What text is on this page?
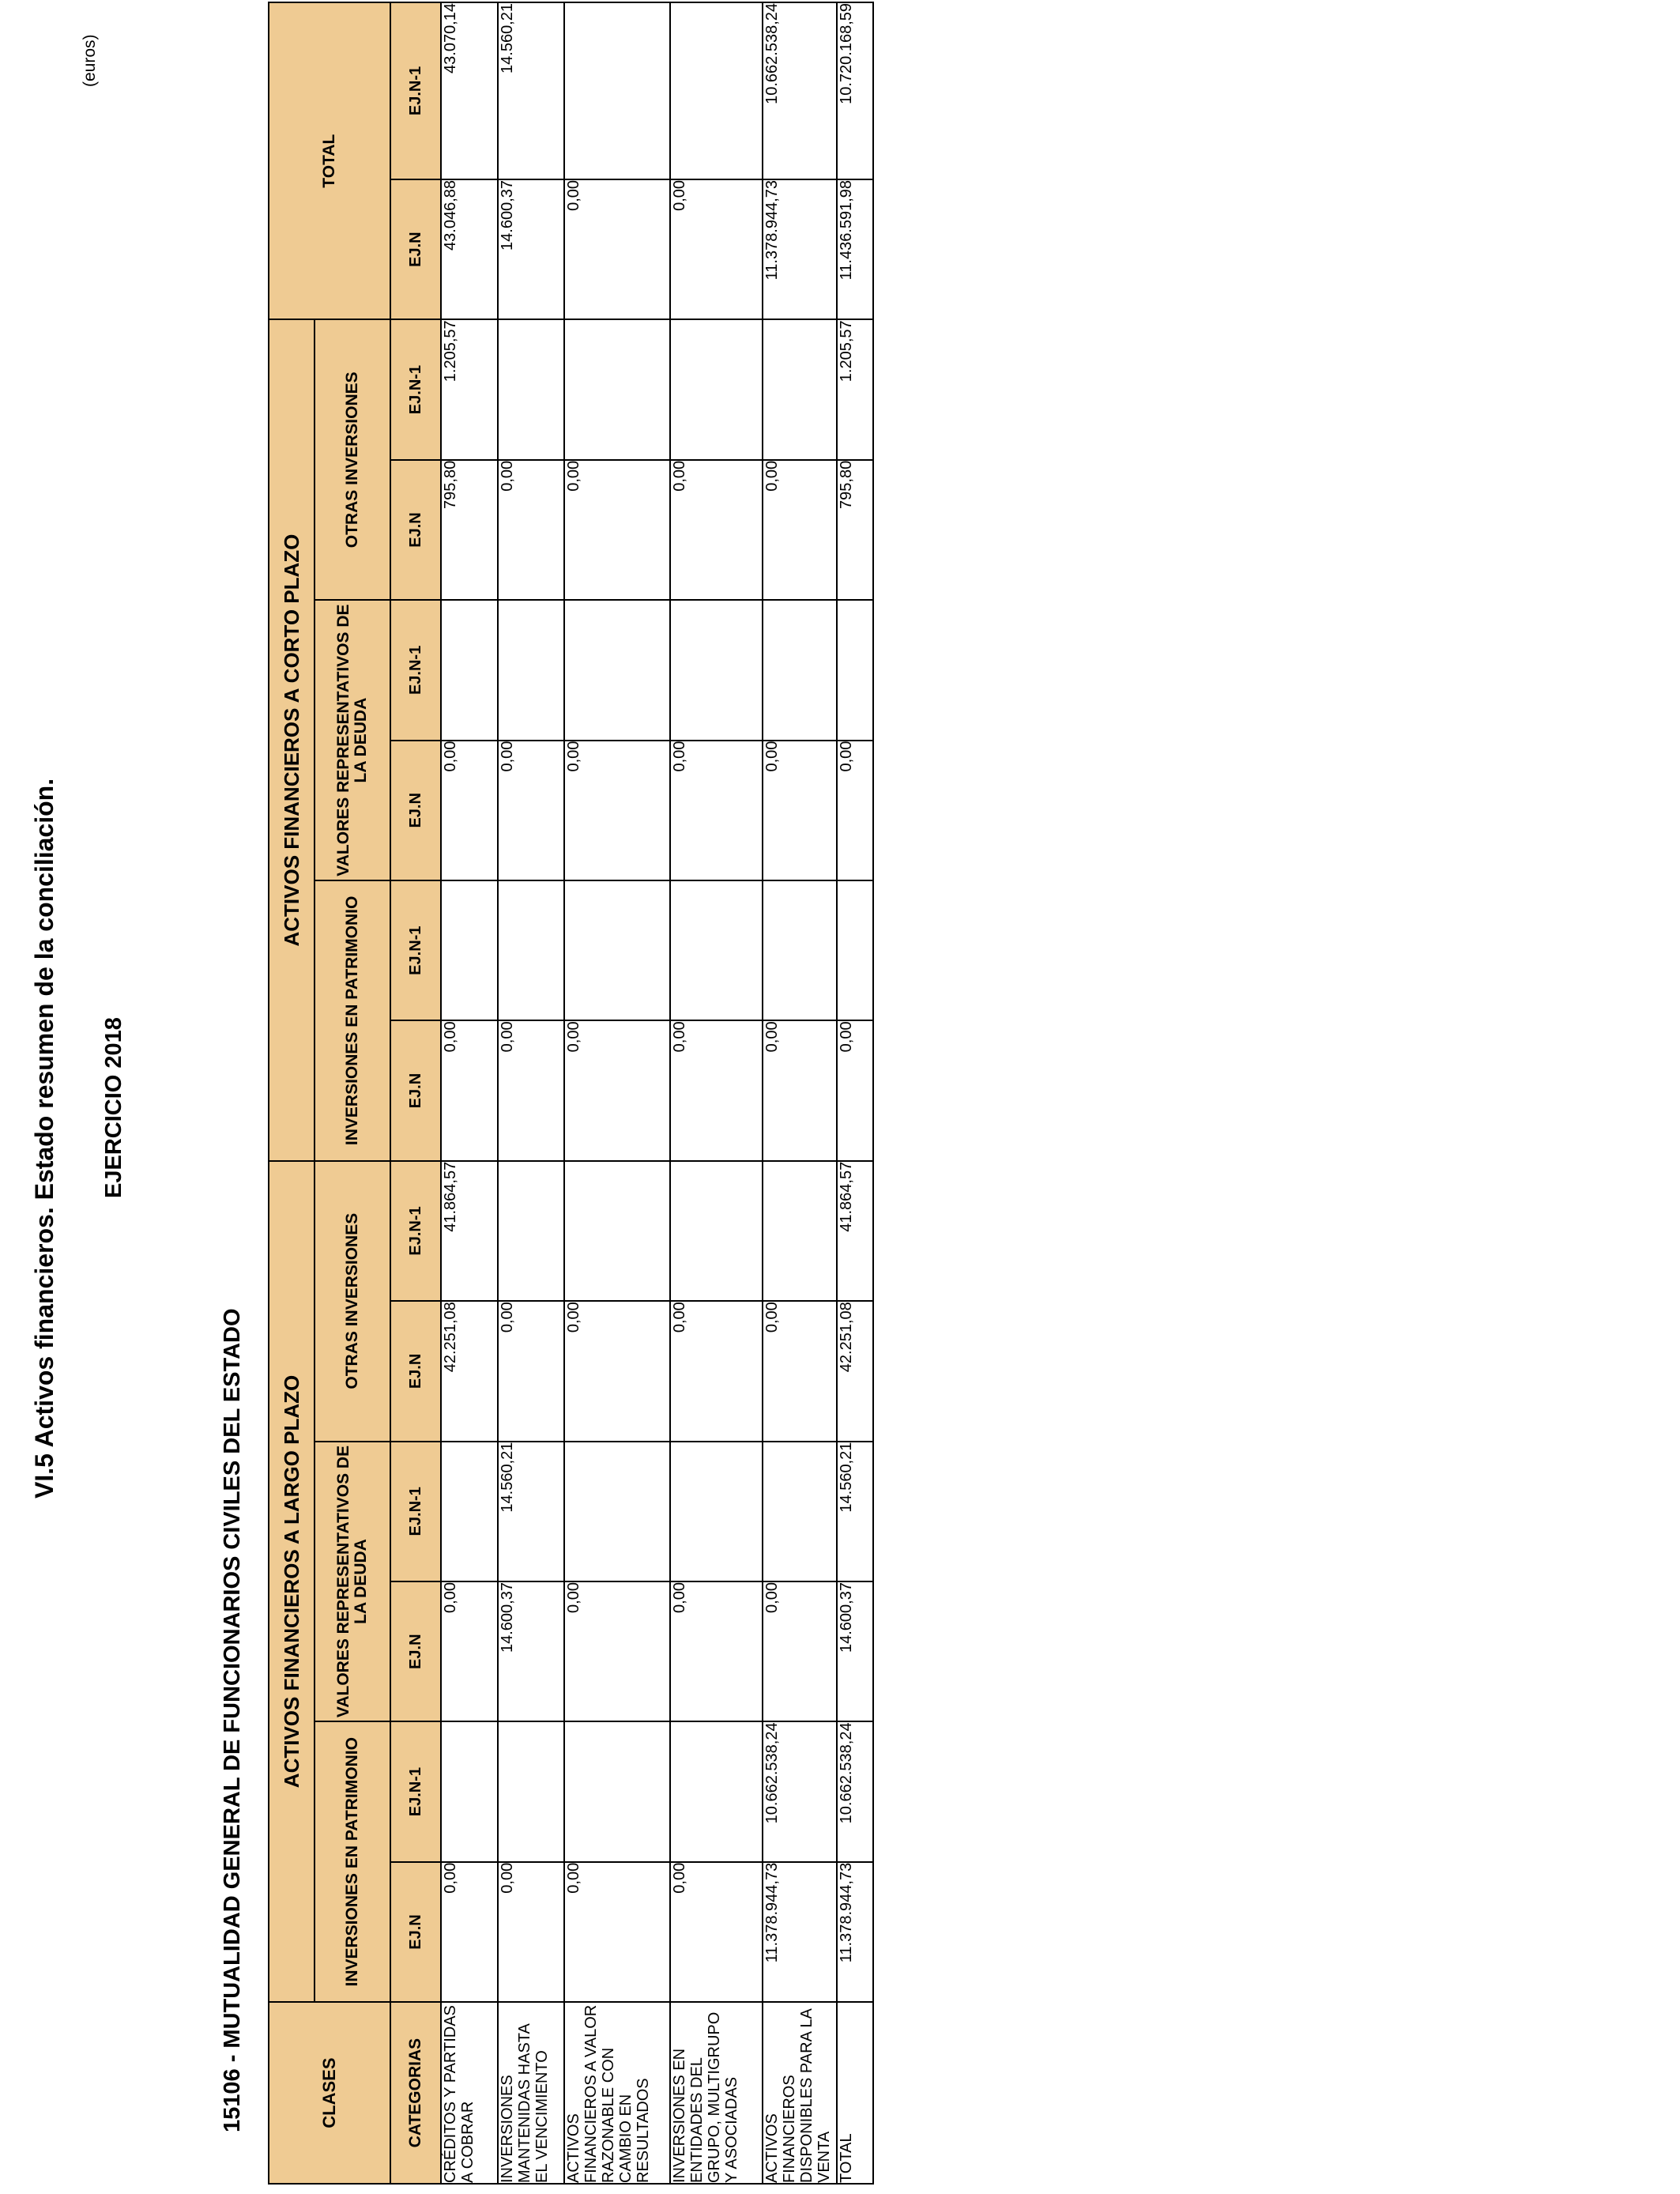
VI.5 Activos financieros. Estado resumen de la conciliación. EJERCICIO 2018
15106 - MUTUALIDAD GENERAL DE FUNCIONARIOS CIVILES DEL ESTADO
(euros)
CLASES	ACTIVOS FINANCIEROS A LARGO PLAZO						ACTIVOS FINANCIEROS A CORTO PLAZO						TOTAL	
	INVERSIONES EN PATRIMONIO		VALORES REPRESENTATIVOS DE LA DEUDA		OTRAS INVERSIONES		INVERSIONES EN PATRIMONIO		VALORES REPRESENTATIVOS DE LA DEUDA		OTRAS INVERSIONES			
CATEGORIAS	EJ.N	EJ.N-1	EJ.N	EJ.N-1	EJ.N	EJ.N-1	EJ.N	EJ.N-1	EJ.N	EJ.N-1	EJ.N	EJ.N-1	EJ.N	EJ.N-1
CRÉDITOS Y PARTIDAS A COBRAR	0,00		0,00		42.251,08	41.864,57	0,00		0,00		795,80	1.205,57	43.046,88	43.070,14
INVERSIONES MANTENIDAS HASTA EL VENCIMIENTO	0,00		14.600,37	14.560,21	0,00		0,00		0,00		0,00		14.600,37	14.560,21
ACTIVOS FINANCIEROS A VALOR RAZONABLE CON CAMBIO EN RESULTADOS	0,00		0,00		0,00		0,00		0,00		0,00		0,00	
INVERSIONES EN ENTIDADES DEL GRUPO, MULTIGRUPO Y ASOCIADAS	0,00		0,00		0,00		0,00		0,00		0,00		0,00	
ACTIVOS FINANCIEROS DISPONIBLES PARA LA VENTA	11.378.944,73	10.662.538,24	0,00		0,00		0,00		0,00		0,00		11.378.944,73	10.662.538,24
TOTAL	11.378.944,73	10.662.538,24	14.600,37	14.560,21	42.251,08	41.864,57	0,00		0,00		795,80	1.205,57	11.436.591,98	10.720.168,59
